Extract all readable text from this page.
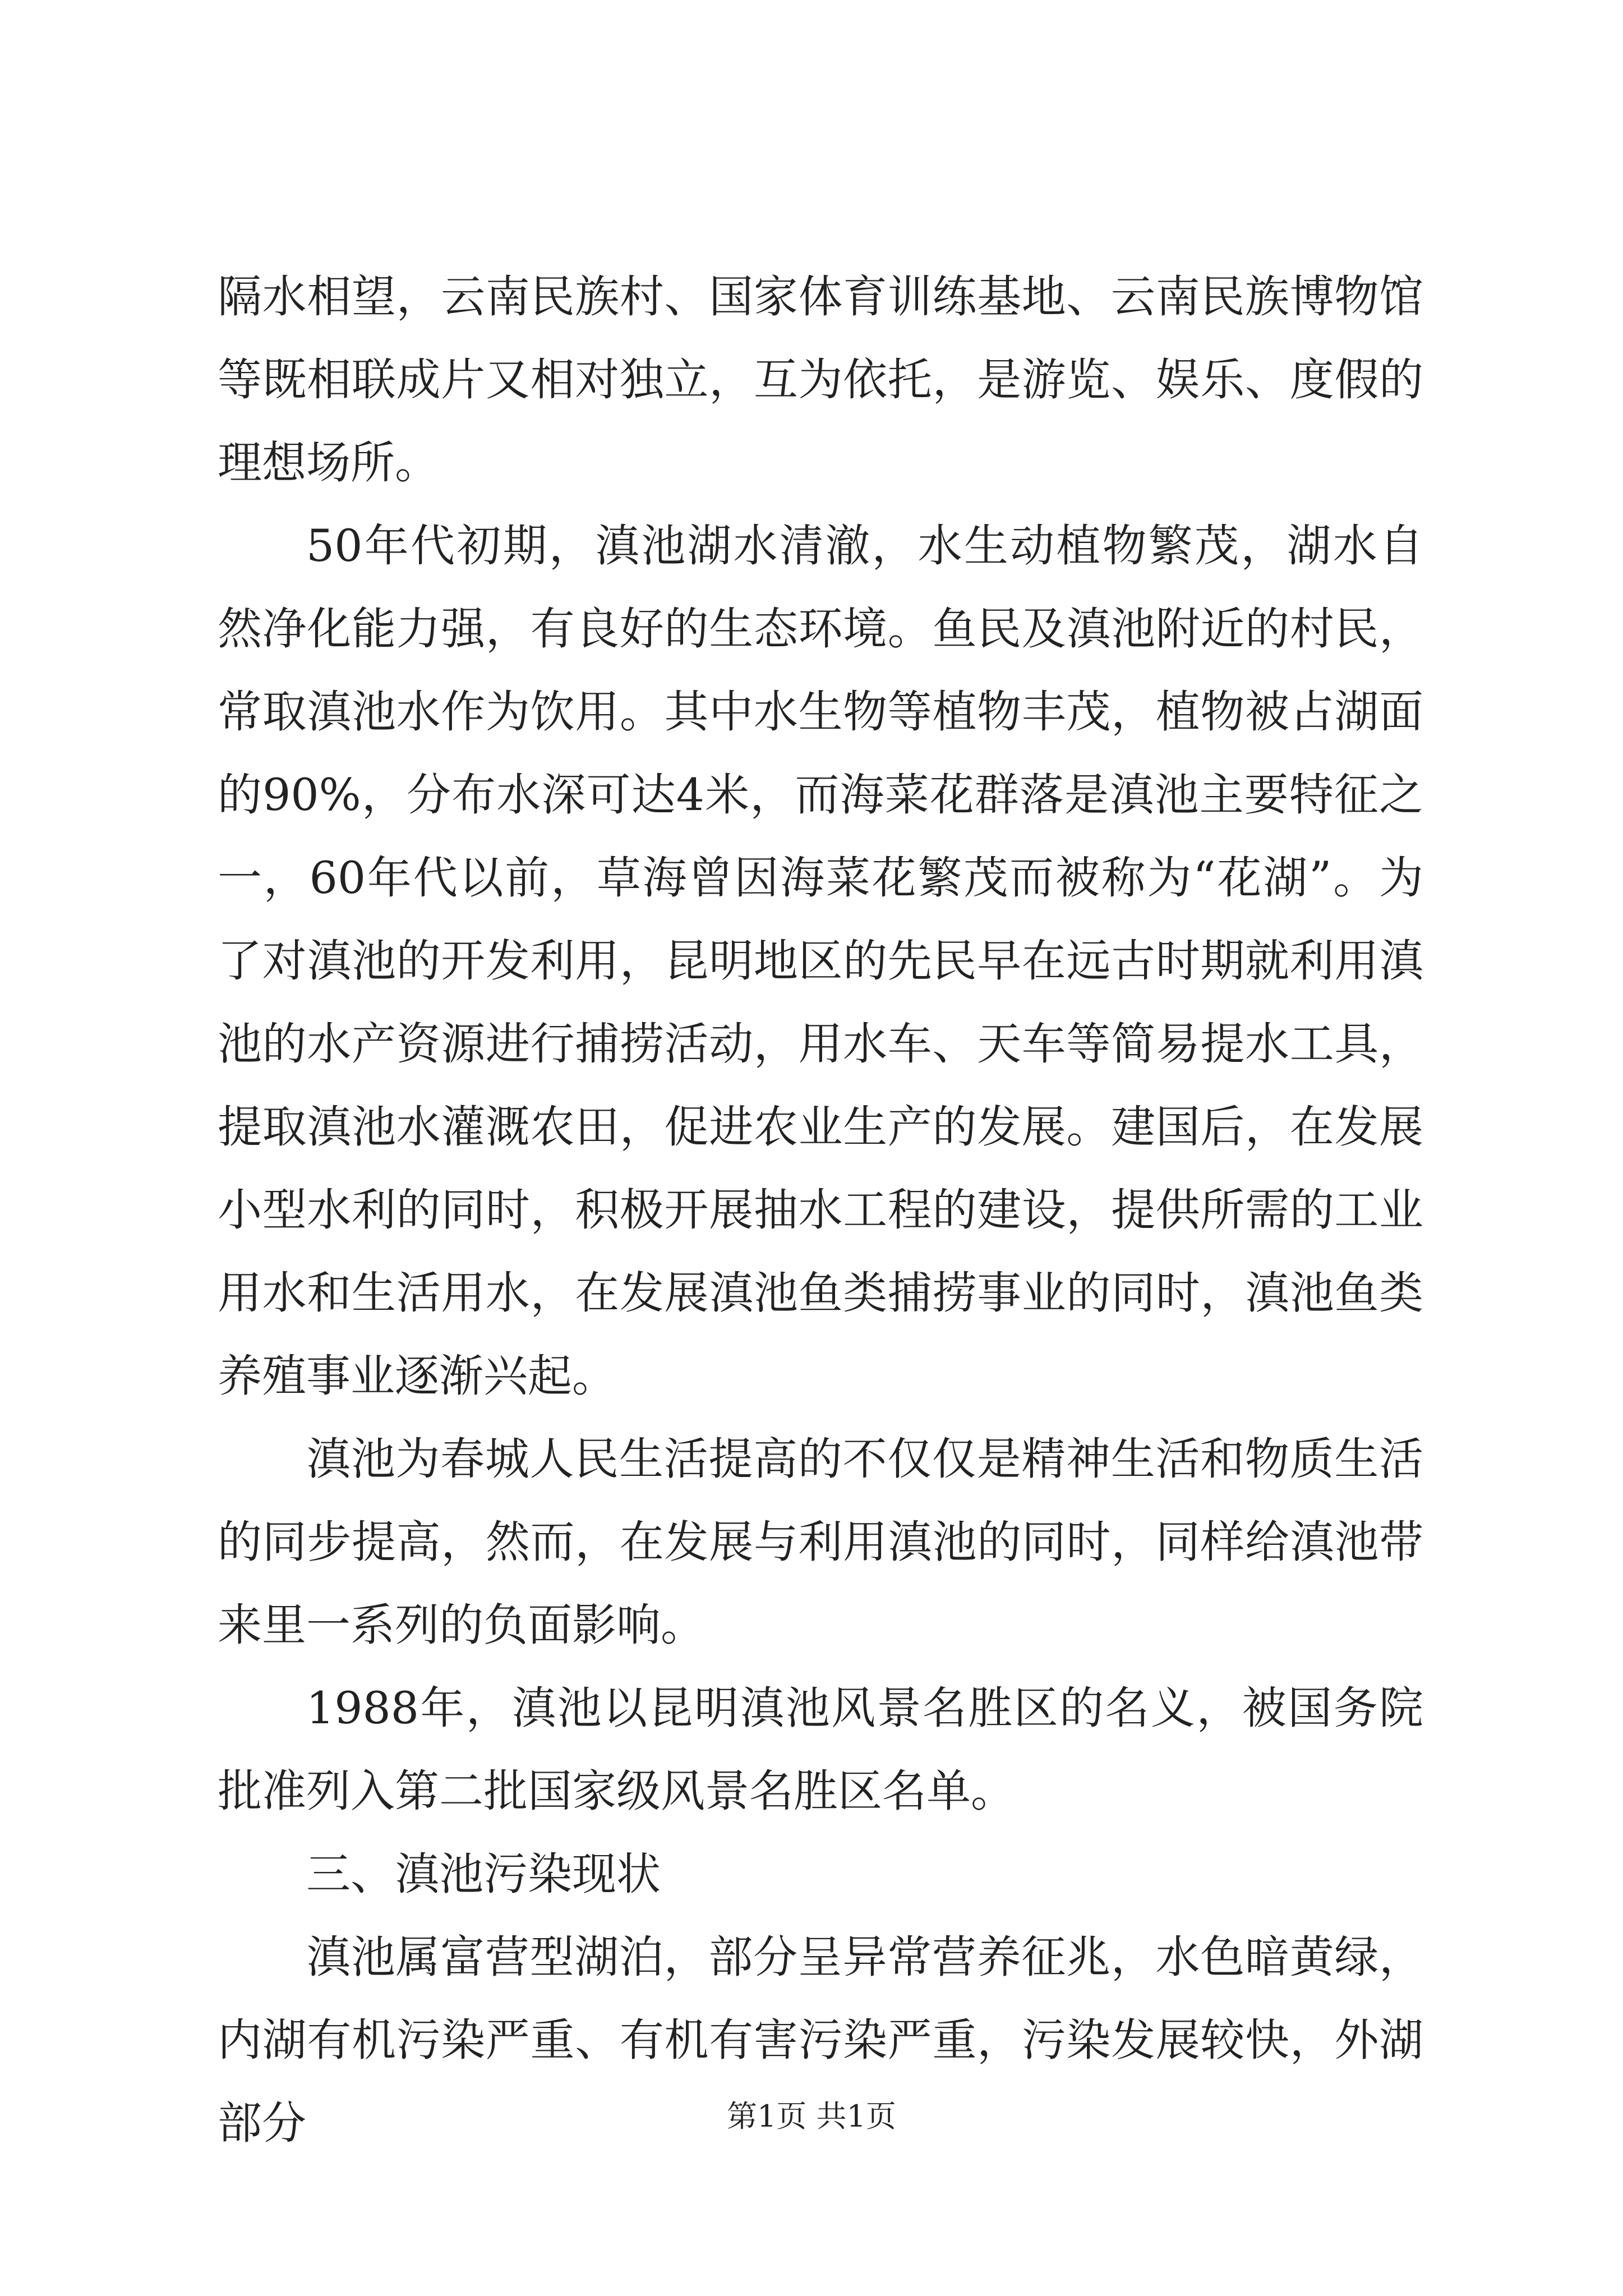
隔水相望，云南民族村、国家体育训练基地、云南民族博物馆等既相联成片又相对独立，互为依托，是游览、娱乐、度假的理想场所。

50年代初期，滇池湖水清澈，水生动植物繁茂，湖水自然净化能力强，有良好的生态环境。鱼民及滇池附近的村民，常取滇池水作为饮用。其中水生物等植物丰茂，植物被占湖面的90%，分布水深可达4米，而海菜花群落是滇池主要特征之一，60年代以前，草海曾因海菜花繁茂而被称为“花湖”。为了对滇池的开发利用，昆明地区的先民早在远古时期就利用滇池的水产资源进行捕捞活动，用水车、天车等简易提水工具，提取滇池水灌溉农田，促进农业生产的发展。建国后，在发展小型水利的同时，积极开展抽水工程的建设，提供所需的工业用水和生活用水，在发展滇池鱼类捕捞事业的同时，滇池鱼类养殖事业逐渐兴起。

滇池为春城人民生活提高的不仅仅是精神生活和物质生活的同步提高，然而，在发展与利用滇池的同时，同样给滇池带来里一系列的负面影响。

1988年，滇池以昆明滇池风景名胜区的名义，被国务院批准列入第二批国家级风景名胜区名单。

三、滇池污染现状

滇池属富营型湖泊，部分呈异常营养征兆，水色暗黄绿，内湖有机污染严重、有机有害污染严重，污染发展较快，外湖部分	第1页 共1页
